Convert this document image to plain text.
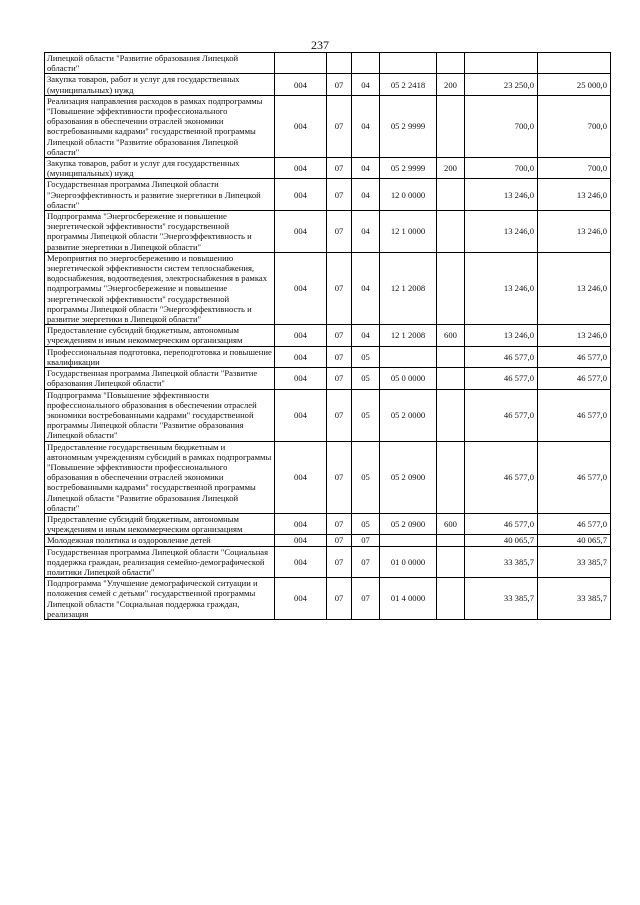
237
Липецкой области "Развитие образования Липецкой области"							
Закупка товаров, работ и услуг для государственных (муниципальных) нужд	004	07	04	05 2 2418	200	23 250,0	25 000,0
Реализация направления расходов в рамках подпрограммы "Повышение эффективности профессионального образования в обеспечении отраслей экономики востребованными кадрами" государственной программы Липецкой области "Развитие образования Липецкой области"	004	07	04	05 2 9999		700,0	700,0
Закупка товаров, работ и услуг для государственных (муниципальных) нужд	004	07	04	05 2 9999	200	700,0	700,0
Государственная программа Липецкой области "Энергоэффективность и развитие энергетики в Липецкой области"	004	07	04	12 0 0000		13 246,0	13 246,0
Подпрограмма "Энергосбережение и повышение энергетической эффективности" государственной программы Липецкой области "Энергоэффективность и развитие энергетики в Липецкой области"	004	07	04	12 1 0000		13 246,0	13 246,0
Мероприятия по энергосбережению и повышению энергетической эффективности систем теплоснабжения, водоснабжения, водоотведения, электроснабжения в рамках подпрограммы "Энергосбережение и повышение энергетической эффективности" государственной программы Липецкой области "Энергоэффективность и развитие энергетики в Липецкой области"	004	07	04	12 1 2008		13 246,0	13 246,0
Предоставление субсидий бюджетным, автономным учреждениям и иным некоммерческим организациям	004	07	04	12 1 2008	600	13 246,0	13 246,0
Профессиональная подготовка, переподготовка и повышение квалификации	004	07	05			46 577,0	46 577,0
Государственная программа Липецкой области "Развитие образования Липецкой области"	004	07	05	05 0 0000		46 577,0	46 577,0
Подпрограмма "Повышение эффективности профессионального образования в обеспечении отраслей экономики востребованными кадрами" государственной программы Липецкой области "Развитие образования Липецкой области"	004	07	05	05 2 0000		46 577,0	46 577,0
Предоставление государственным бюджетным и автономным учреждениям субсидий в рамках подпрограммы "Повышение эффективности профессионального образования в обеспечении отраслей экономики востребованными кадрами" государственной программы Липецкой области "Развитие образования Липецкой области"	004	07	05	05 2 0900		46 577,0	46 577,0
Предоставление субсидий бюджетным, автономным учреждениям и иным некоммерческим организациям	004	07	05	05 2 0900	600	46 577,0	46 577,0
Молодежная политика и оздоровление детей	004	07	07			40 065,7	40 065,7
Государственная программа Липецкой области "Социальная поддержка граждан, реализация семейно-демографической политики Липецкой области"	004	07	07	01 0 0000		33 385,7	33 385,7
Подпрограмма "Улучшение демографической ситуации и положения семей с детьми" государственной программы Липецкой области "Социальная поддержка граждан, реализация	004	07	07	01 4 0000		33 385,7	33 385,7
